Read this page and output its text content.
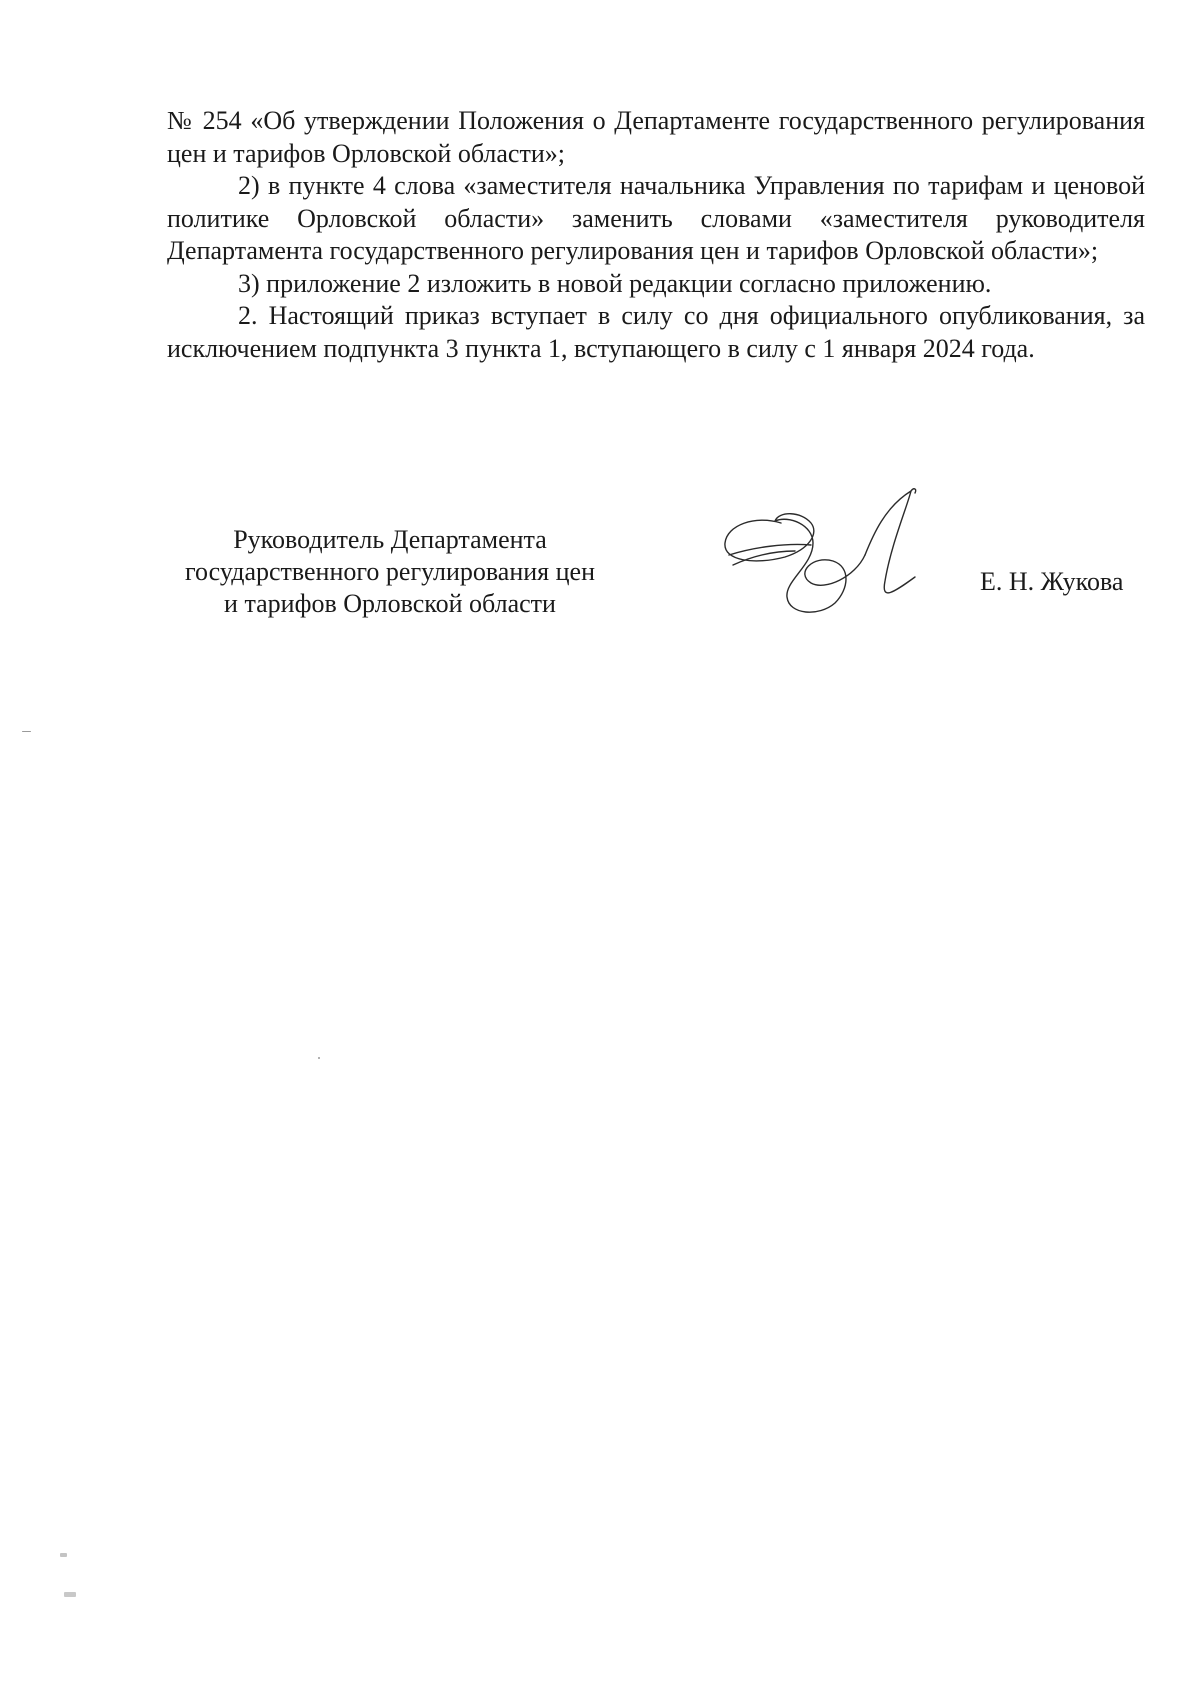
№ 254 «Об утверждении Положения о Департаменте государственного регулирования цен и тарифов Орловской области»;

2) в пункте 4 слова «заместителя начальника Управления по тарифам и ценовой политике Орловской области» заменить словами «заместителя руководителя Департамента государственного регулирования цен и тарифов Орловской области»;

3) приложение 2 изложить в новой редакции согласно приложению.

2. Настоящий приказ вступает в силу со дня официального опубликования, за исключением подпункта 3 пункта 1, вступающего в силу с 1 января 2024 года.

Руководитель Департамента
государственного регулирования цен
и тарифов Орловской области
Е. Н. Жукова
